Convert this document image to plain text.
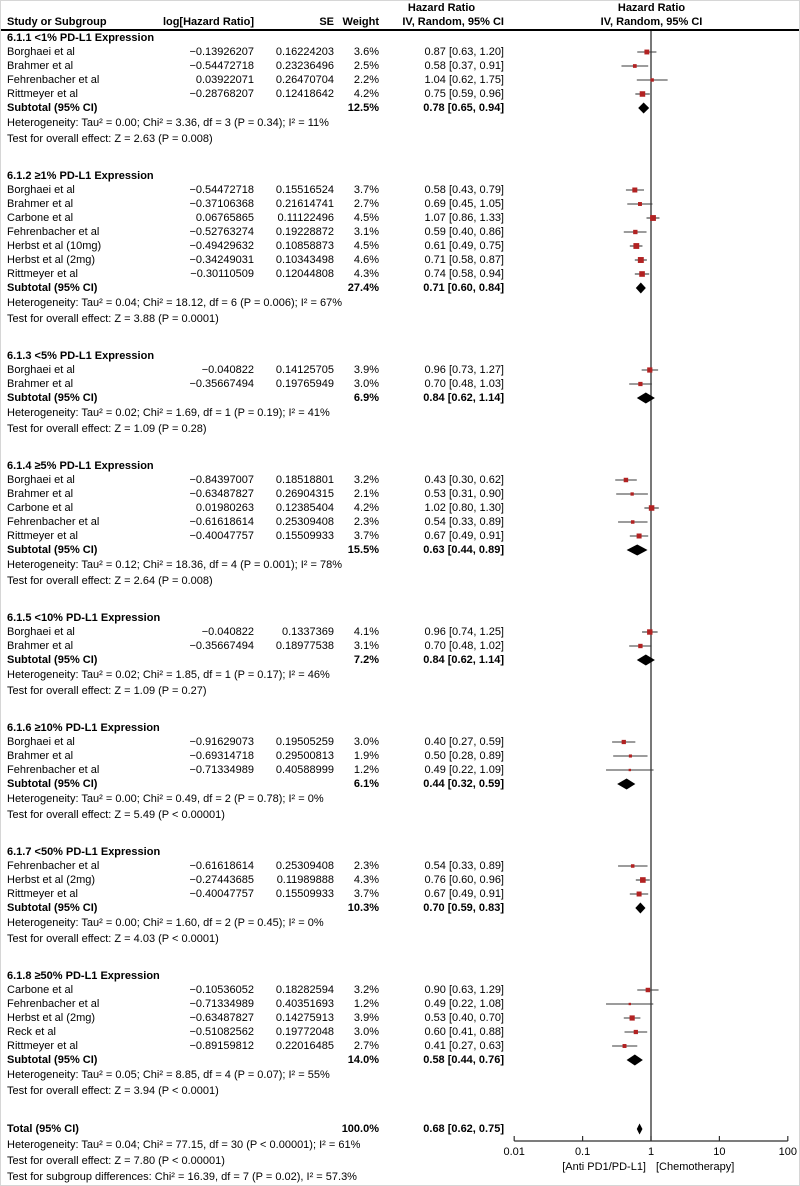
Hazard Ratio	Hazard Ratio
Study or Subgroup	log[Hazard Ratio]	SE Weight	IV, Random, 95% CI	IV, Random, 95% CI
6.1.1 <1% PD-L1 Expression
Borghaei et al	−0.13926207	0.16224203	3.6%	0.87 [0.63, 1.20]
Brahmer et al	−0.54472718	0.23236496	2.5%	0.58 [0.37, 0.91]
Fehrenbacher et al	0.03922071	0.26470704	2.2%	1.04 [0.62, 1.75]
Rittmeyer et al	−0.28768207	0.12418642	4.2%	0.75 [0.59, 0.96]
Subtotal (95% CI)	12.5%	0.78 [0.65, 0.94]
Heterogeneity: Tau² = 0.00; Chi² = 3.36, df = 3 (P = 0.34); I² = 11%
Test for overall effect: Z = 2.63 (P = 0.008)
6.1.2 ≥1% PD-L1 Expression
Borghaei et al	−0.54472718	0.15516524	3.7%	0.58 [0.43, 0.79]
Brahmer et al	−0.37106368	0.21614741	2.7%	0.69 [0.45, 1.05]
Carbone et al	0.06765865	0.11122496	4.5%	1.07 [0.86, 1.33]
Fehrenbacher et al	−0.52763274	0.19228872	3.1%	0.59 [0.40, 0.86]
Herbst et al (10mg)	−0.49429632	0.10858873	4.5%	0.61 [0.49, 0.75]
Herbst et al (2mg)	−0.34249031	0.10343498	4.6%	0.71 [0.58, 0.87]
Rittmeyer et al	−0.30110509	0.12044808	4.3%	0.74 [0.58, 0.94]
Subtotal (95% CI)	27.4%	0.71 [0.60, 0.84]
Heterogeneity: Tau² = 0.04; Chi² = 18.12, df = 6 (P = 0.006); I² = 67%
Test for overall effect: Z = 3.88 (P = 0.0001)
6.1.3 <5% PD-L1 Expression
Borghaei et al	−0.040822	0.14125705	3.9%	0.96 [0.73, 1.27]
Brahmer et al	−0.35667494	0.19765949	3.0%	0.70 [0.48, 1.03]
Subtotal (95% CI)	6.9%	0.84 [0.62, 1.14]
Heterogeneity: Tau² = 0.02; Chi² = 1.69, df = 1 (P = 0.19); I² = 41%
Test for overall effect: Z = 1.09 (P = 0.28)
6.1.4 ≥5% PD-L1 Expression
Borghaei et al	−0.84397007	0.18518801	3.2%	0.43 [0.30, 0.62]
Brahmer et al	−0.63487827	0.26904315	2.1%	0.53 [0.31, 0.90]
Carbone et al	0.01980263	0.12385404	4.2%	1.02 [0.80, 1.30]
Fehrenbacher et al	−0.61618614	0.25309408	2.3%	0.54 [0.33, 0.89]
Rittmeyer et al	−0.40047757	0.15509933	3.7%	0.67 [0.49, 0.91]
Subtotal (95% CI)	15.5%	0.63 [0.44, 0.89]
Heterogeneity: Tau² = 0.12; Chi² = 18.36, df = 4 (P = 0.001); I² = 78%
Test for overall effect: Z = 2.64 (P = 0.008)
6.1.5 <10% PD-L1 Expression
Borghaei et al	−0.040822	0.1337369	4.1%	0.96 [0.74, 1.25]
Brahmer et al	−0.35667494	0.18977538	3.1%	0.70 [0.48, 1.02]
Subtotal (95% CI)	7.2%	0.84 [0.62, 1.14]
Heterogeneity: Tau² = 0.02; Chi² = 1.85, df = 1 (P = 0.17); I² = 46%
Test for overall effect: Z = 1.09 (P = 0.27)
6.1.6 ≥10% PD-L1 Expression
Borghaei et al	−0.91629073	0.19505259	3.0%	0.40 [0.27, 0.59]
Brahmer et al	−0.69314718	0.29500813	1.9%	0.50 [0.28, 0.89]
Fehrenbacher et al	−0.71334989	0.40588999	1.2%	0.49 [0.22, 1.09]
Subtotal (95% CI)	6.1%	0.44 [0.32, 0.59]
Heterogeneity: Tau² = 0.00; Chi² = 0.49, df = 2 (P = 0.78); I² = 0%
Test for overall effect: Z = 5.49 (P < 0.00001)
6.1.7 <50% PD-L1 Expression
Fehrenbacher et al	−0.61618614	0.25309408	2.3%	0.54 [0.33, 0.89]
Herbst et al (2mg)	−0.27443685	0.11989888	4.3%	0.76 [0.60, 0.96]
Rittmeyer et al	−0.40047757	0.15509933	3.7%	0.67 [0.49, 0.91]
Subtotal (95% CI)	10.3%	0.70 [0.59, 0.83]
Heterogeneity: Tau² = 0.00; Chi² = 1.60, df = 2 (P = 0.45); I² = 0%
Test for overall effect: Z = 4.03 (P < 0.0001)
6.1.8 ≥50% PD-L1 Expression
Carbone et al	−0.10536052	0.18282594	3.2%	0.90 [0.63, 1.29]
Fehrenbacher et al	−0.71334989	0.40351693	1.2%	0.49 [0.22, 1.08]
Herbst et al (2mg)	−0.63487827	0.14275913	3.9%	0.53 [0.40, 0.70]
Reck et al	−0.51082562	0.19772048	3.0%	0.60 [0.41, 0.88]
Rittmeyer et al	−0.89159812	0.22016485	2.7%	0.41 [0.27, 0.63]
Subtotal (95% CI)	14.0%	0.58 [0.44, 0.76]
Heterogeneity: Tau² = 0.05; Chi² = 8.85, df = 4 (P = 0.07); I² = 55%
Test for overall effect: Z = 3.94 (P < 0.0001)
Total (95% CI)	100.0%	0.68 [0.62, 0.75]
Heterogeneity: Tau² = 0.04; Chi² = 77.15, df = 30 (P < 0.00001); I² = 61%
Test for overall effect: Z = 7.80 (P < 0.00001)
Test for subgroup differences: Chi² = 16.39, df = 7 (P = 0.02), I² = 57.3%
0.01	0.1	1	10	100
[Anti PD1/PD-L1] [Chemotherapy]
